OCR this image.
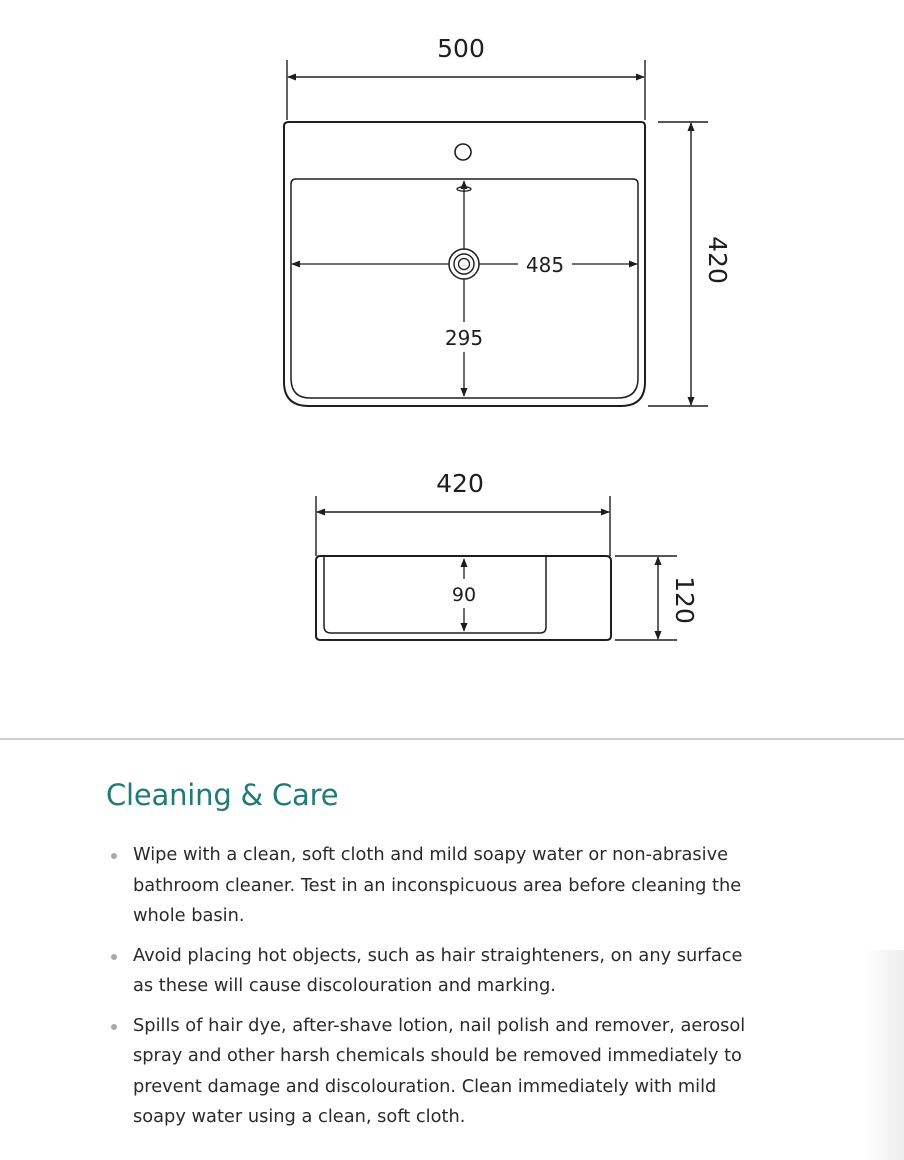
500
485
295
420
420
90	120
Cleaning & Care
Wipe with a clean, soft cloth and mild soapy water or non-abrasive bathroom cleaner. Test in an inconspicuous area before cleaning the whole basin.
Avoid placing hot objects, such as hair straighteners, on any surface as these will cause discolouration and marking.
Spills of hair dye, after-shave lotion, nail polish and remover, aerosol spray and other harsh chemicals should be removed immediately to prevent damage and discolouration. Clean immediately with mild soapy water using a clean, soft cloth.
